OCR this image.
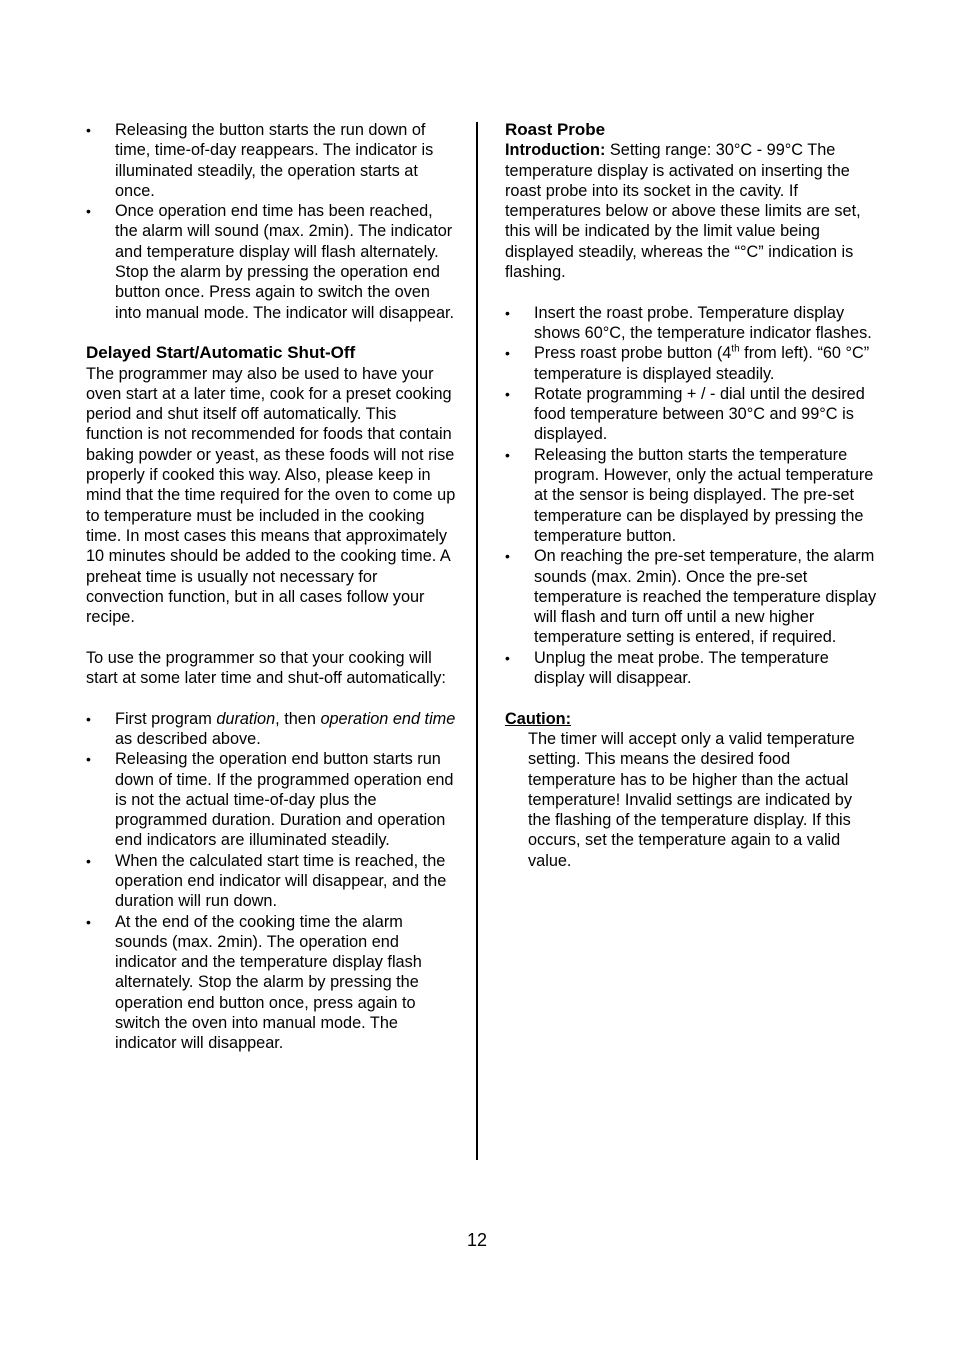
• Releasing the button starts the run down of time, time-of-day reappears. The indicator is illuminated steadily, the operation starts at once.
• Once operation end time has been reached, the alarm will sound (max. 2min). The indicator and temperature display will flash alternately. Stop the alarm by pressing the operation end button once. Press again to switch the oven into manual mode. The indicator will disappear.
Delayed Start/Automatic Shut-Off

The programmer may also be used to have your oven start at a later time, cook for a preset cooking period and shut itself off automatically. This function is not recommended for foods that contain baking powder or yeast, as these foods will not rise properly if cooked this way. Also, please keep in mind that the time required for the oven to come up to temperature must be included in the cooking time. In most cases this means that approximately 10 minutes should be added to the cooking time. A preheat time is usually not necessary for convection function, but in all cases follow your recipe.

To use the programmer so that your cooking will start at some later time and shut-off automatically:

• First program duration, then operation end time as described above.
• Releasing the operation end button starts run down of time. If the programmed operation end is not the actual time-of-day plus the programmed duration. Duration and operation end indicators are illuminated steadily.
• When the calculated start time is reached, the operation end indicator will disappear, and the duration will run down.
• At the end of the cooking time the alarm sounds (max. 2min). The operation end indicator and the temperature display flash alternately. Stop the alarm by pressing the operation end button once, press again to switch the oven into manual mode. The indicator will disappear.
Roast Probe

Introduction: Setting range: 30°C - 99°C The temperature display is activated on inserting the roast probe into its socket in the cavity. If temperatures below or above these limits are set, this will be indicated by the limit value being displayed steadily, whereas the “°C” indication is flashing.

• Insert the roast probe. Temperature display shows 60°C, the temperature indicator flashes.
• Press roast probe button (4th from left). “60 °C” temperature is displayed steadily.
• Rotate programming + / - dial until the desired food temperature between 30°C and 99°C is displayed.
• Releasing the button starts the temperature program. However, only the actual temperature at the sensor is being displayed. The pre-set temperature can be displayed by pressing the temperature button.
• On reaching the pre-set temperature, the alarm sounds (max. 2min). Once the pre-set temperature is reached the temperature display will flash and turn off until a new higher temperature setting is entered, if required.
• Unplug the meat probe. The temperature display will disappear.
Caution:

The timer will accept only a valid temperature setting. This means the desired food temperature has to be higher than the actual temperature! Invalid settings are indicated by the flashing of the temperature display. If this occurs, set the temperature again to a valid value.

12
